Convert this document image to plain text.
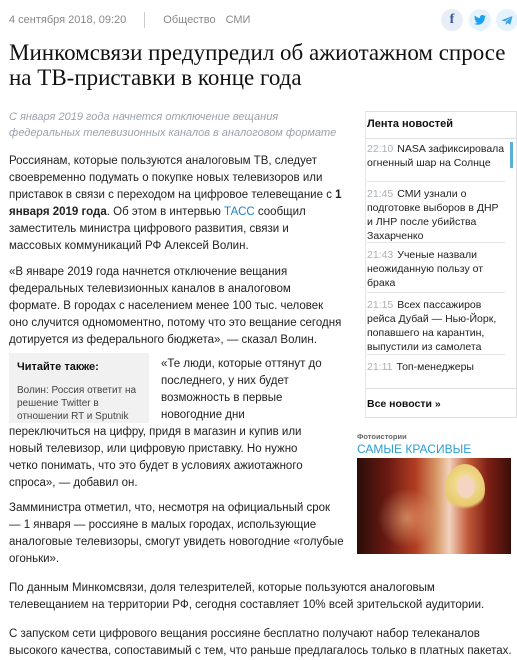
4 сентября 2018, 09:20	Общество СМИ	f
Минкомсвязи предупредил об ажиотажном спросе на ТВ-приставки в конце года

С января 2019 года начнется отключение вещания федеральных телевизионных каналов в аналоговом формате

Россиянам, которые пользуются аналоговым ТВ, следует своевременно подумать о покупке новых телевизоров или приставок в связи с переходом на цифровое телевещание с 1 января 2019 года. Об этом в интервью ТАСС сообщил заместитель министра цифрового развития, связи и массовых коммуникаций РФ Алексей Волин.

«В январе 2019 года начнется отключение вещания федеральных телевизионных каналов в аналоговом формате. В городах с населением менее 100 тыс. человек оно случится одномоментно, потому что это вещание сегодня дотируется из федерального бюджета», — сказал Волин.

«Те люди, которые оттянут до последнего, у них будет возможность в первые новогодние дни переключиться на цифру, придя в магазин и купив или новый телевизор, или цифровую приставку. Но нужно четко понимать, что это будет в условиях ажиотажного спроса», — добавил он.
Читайте также:
Волин: Россия ответит на решение Twitter в отношении RT и Sputnik

Замминистра отметил, что, несмотря на официальный срок — 1 января — россияне в малых городах, использующие аналоговые телевизоры, смогут увидеть новогодние «голубые огоньки».

По данным Минкомсвязи, доля телезрителей, которые пользуются аналоговым телевещанием на территории РФ, сегодня составляет 10% всей зрительской аудитории.

С запуском сети цифрового вещания россияне бесплатно получают набор телеканалов высокого качества, сопоставимый с тем, что раньше предлагалось только в платных пакетах.

Лента новостей
22:10 NASA зафиксировала огненный шар на Солнце
21:45 СМИ узнали о подготовке выборов в ДНР и ЛНР после убийства Захарченко
21:43 Ученые назвали неожиданную пользу от брака
21:15 Всех пассажиров рейса Дубай — Нью-Йорк, попавшего на карантин, выпустили из самолета
21:11 Топ-менеджеры
Все новости »
Фотоистории
САМЫЕ КРАСИВЫЕ
